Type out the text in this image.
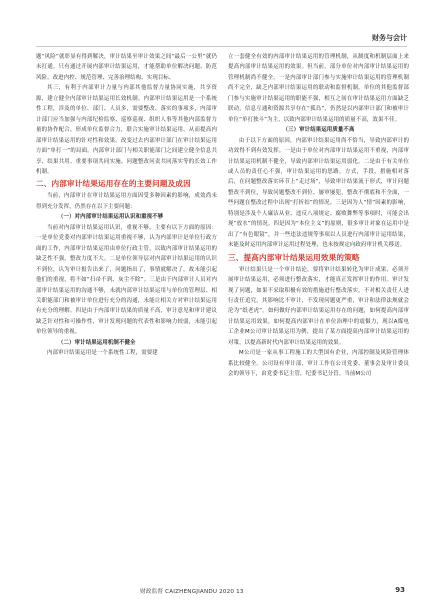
财务与会计

题“风险”就彰显有得到解决，审计结果至审计效果之间“最后一公里”就仍未打通。只有通过开展内部审计结果运用，才能帮助单位解决问题、防范风险，改进内控、规范管理、完善治理结构、实现目标。

其三，有利于内部审计力量与内部其他监督力量协同实施，共享资源，建立健全内部审计结果运用长效机制。内部审计结果运用是一个系统性工程，涉及的单位、部门、人员多，需要整改、落实的事项多，内部审计部门应当加强与内部纪检监察、巡察巡视、组织人事等其他内部监督力量的协作配合，形成单位监督合力，联合实施审计结果运用，从而提高内部审计结果运用的针对性和效果。改变过去内部审计部门在审计结果运用方面“单打一”的局面。内部审计部门与相关职能部门之间建立健全信息共享、结果共用、重要事项共同实施、问题整改问责共同落实等的长效工作机制。

二、内部审计结果运用存在的主要问题及成因

当前，内部审计在审计结果运用方面因受多种因素的影响，成效尚未得到充分发挥，仍然存在以下主要问题：

（一）对内部审计结果运用认识和重视不够

当前对内部审计结果运用认识，重视不够，主要有以下方面的原因：一是单位党委对内部审计结果运用重视不够，认为内部审计是单位行政方面的工作，内部审计结果运用由单位行政主管，以致内部审计结果运用的缺乏性不强，整改力度不大。二是单位领导层对内部审计结果运用的认识不到位，认为审计报告出来了，问题指出了，事情就解决了，故未能引起他们的重视，将不如“扫帚不到、灰尘不除”。三是由于内部审计人员对内部审计结果运用的沟通不够，未就内部审计结果运用与单位的管理层、相关职能部门和被审计单位进行充分的沟通，未能让相关方对审计结果运用有充分的理解。四是由于内部审计结果的质量不高，审计意见和审计建议缺乏针对性和可操作性，审计发现问题的代表性和影响力较弱，未能引起单位领导的重视。

（二）审计结果运用机制不健全

内部审计结果运用是一个系统性工程，需要建

立一套健全有效的内部审计结果运用的管理机制，从制度和机制层面上来提高内部审计结果运用的效果。但当前，部分单位对内部审计结果运用的管理机制尚不健全。一是内部审计部门参与实施审计结果运用的管理机制尚不完全，缺乏内部审计结果运用的联动和监督机制，单位的其他监督部门参与实施审计结果运用的职能不强，相互之间在审计结果运用方面缺乏联动，信息互通和资源共享存在“孤岛”，仍然是以内部审计部门和被审计单位“单打独斗”为主，以致内部审计结果运用的质量不高，效果不佳。

（三）审计结果运用质量不高

由于以下方面的原因，内部审计结果运用尚不恰当，导致内部审计的功效得不到有效发挥。一是由于单位对内部审计结果运用不重视，内部审计结果运用机制不健全，导致内部审计结果运用弱化。二是由于有关单位或人员的责任心不强，审计结果运用的思路，方式，手段，措施相对落后，在问题整改落实环节上“走过场”，导致审计结果流于形式，审计问题整改不到位，导致问题整改不到位、屡审屡犯，整改不彻底和不全面，一些问题在整改过程中出现“打折扣”的情况。三是因为人“情”因素的影响，特别是涉及个人廉洁从业、违反八项规定、腐败舞弊等事项时，可能会出现“放水”的情况。四是因为“本位主义”的原则，很多审计对象在运用中是出了“有色眼镜”，并一些违法违规等事项以人员进行内部审计运用结果，未能及时运用内部审计运用过程处理，也未按规定向政府审计机关移送。

三、提高内部审计结果运用效果的策略

审计结果只是一个审计结论，要将审计结果转化为审计成果，必须开展审计结果运用，必须进行整改落实，才能真正发挥审计的作用。审计发现了问题，如果不采取积极有效的措施进行整改落实，不对相关责任人进行责任追究，其影响比不审计、不发现问题更严重，审计和法律法规就会沦为“纸老虎”。如何做好内部审计结果运用存在的问题，如何提高内部审计结果运用效果，如何提高内部审计在单位治理中的震慑力，现以A煤电工企业M公司审计结果运用为例，提出了某方面提高内部审计结果运用的对策，以提高新时代内部审计结果运用的效果。

M公司是一家从事工程施工的大型国有企业，内部控制及风险管理体系比较健全。公司设有审计部，审计工作在公司党委、董事会及审计委员会的领导下，由党委书记主管，纪委书记分管。当前M公司

财政监督 CAIZHENGJIANDU 2020 13	93
